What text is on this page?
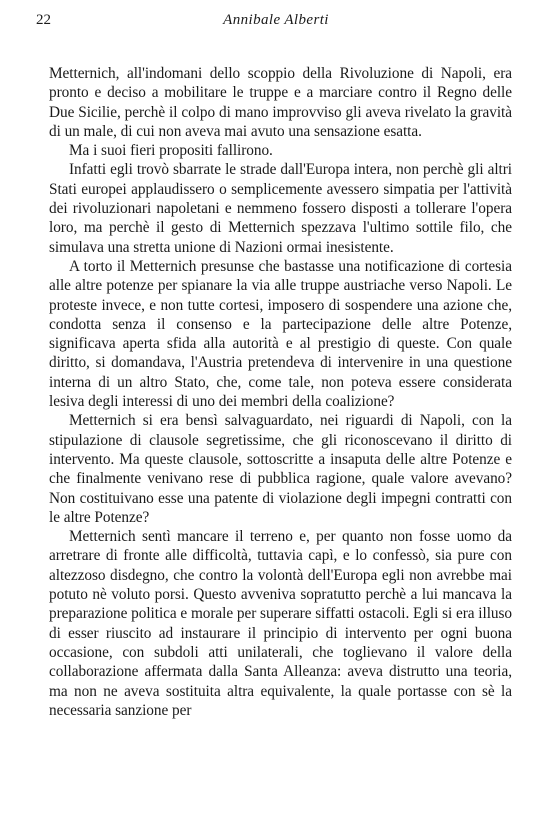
22	Annibale Alberti

Metternich, all'indomani dello scoppio della Rivoluzione di Napoli, era pronto e deciso a mobilitare le truppe e a marciare contro il Regno delle Due Sicilie, perchè il colpo di mano improvviso gli aveva rivelato la gravità di un male, di cui non aveva mai avuto una sensazione esatta.

Ma i suoi fieri propositi fallirono.

Infatti egli trovò sbarrate le strade dall'Europa intera, non perchè gli altri Stati europei applaudissero o semplicemente avessero simpatia per l'attività dei rivoluzionari napoletani e nemmeno fossero disposti a tollerare l'opera loro, ma perchè il gesto di Metternich spezzava l'ultimo sottile filo, che simulava una stretta unione di Nazioni ormai inesistente.

A torto il Metternich presunse che bastasse una notificazione di cortesia alle altre potenze per spianare la via alle truppe austriache verso Napoli. Le proteste invece, e non tutte cortesi, imposero di sospendere una azione che, condotta senza il consenso e la partecipazione delle altre Potenze, significava aperta sfida alla autorità e al prestigio di queste. Con quale diritto, si domandava, l'Austria pretendeva di intervenire in una questione interna di un altro Stato, che, come tale, non poteva essere considerata lesiva degli interessi di uno dei membri della coalizione?

Metternich si era bensì salvaguardato, nei riguardi di Napoli, con la stipulazione di clausole segretissime, che gli riconoscevano il diritto di intervento. Ma queste clausole, sottoscritte a insaputa delle altre Potenze e che finalmente venivano rese di pubblica ragione, quale valore avevano? Non costituivano esse una patente di violazione degli impegni contratti con le altre Potenze?

Metternich sentì mancare il terreno e, per quanto non fosse uomo da arretrare di fronte alle difficoltà, tuttavia capì, e lo confessò, sia pure con altezzoso disdegno, che contro la volontà dell'Europa egli non avrebbe mai potuto nè voluto porsi. Questo avveniva sopratutto perchè a lui mancava la preparazione politica e morale per superare siffatti ostacoli. Egli si era illuso di esser riuscito ad instaurare il principio di intervento per ogni buona occasione, con subdoli atti unilaterali, che toglievano il valore della collaborazione affermata dalla Santa Alleanza: aveva distrutto una teoria, ma non ne aveva sostituita altra equivalente, la quale portasse con sè la necessaria sanzione per
